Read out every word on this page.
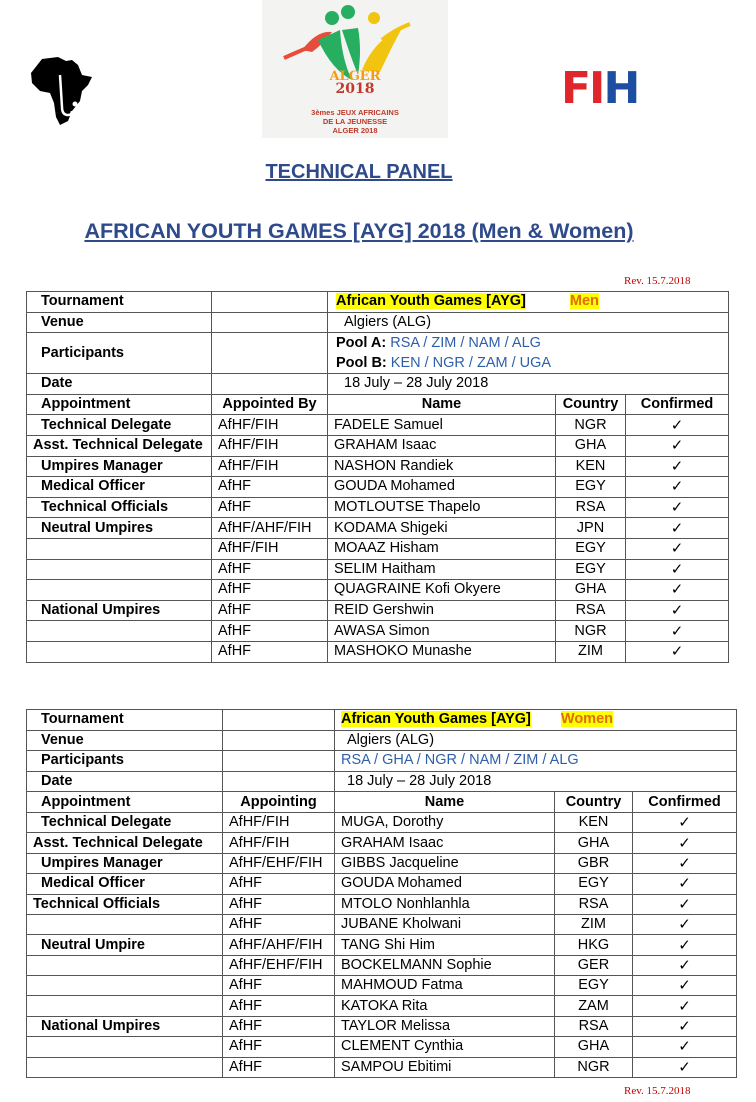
ALGER
2018
3èmes JEUX AFRICAINS
DE LA JEUNESSE
ALGER 2018
FIH
TECHNICAL PANEL
AFRICAN YOUTH GAMES [AYG] 2018 (Men & Women)
Rev. 15.7.2018
Tournament		African Youth Games [AYG] Men		
Venue		Algiers (ALG)		
Participants		Pool A: RSA / ZIM / NAM / ALG
Pool B: KEN / NGR / ZAM / UGA		

Date		18 July – 28 July 2018		
Appointment	Appointed By	Name	Country	Confirmed
Technical Delegate	AfHF/FIH	FADELE Samuel	NGR	✓
Asst. Technical Delegate	AfHF/FIH	GRAHAM Isaac	GHA	✓
Umpires Manager	AfHF/FIH	NASHON Randiek	KEN	✓
Medical Officer	AfHF	GOUDA Mohamed	EGY	✓
Technical Officials	AfHF	MOTLOUTSE Thapelo	RSA	✓
Neutral Umpires	AfHF/AHF/FIH	KODAMA Shigeki	JPN	✓
	AfHF/FIH	MOAAZ Hisham	EGY	✓
	AfHF	SELIM Haitham	EGY	✓
	AfHF	QUAGRAINE Kofi Okyere	GHA	✓
National Umpires	AfHF	REID Gershwin	RSA	✓
	AfHF	AWASA Simon	NGR	✓
	AfHF	MASHOKO Munashe	ZIM	✓
Tournament		African Youth Games [AYG] Women		
Venue		Algiers (ALG)		
Participants		RSA / GHA / NGR / NAM / ZIM / ALG		
Date		18 July – 28 July 2018		
Appointment	Appointing	Name	Country	Confirmed
Technical Delegate	AfHF/FIH	MUGA, Dorothy	KEN	✓
Asst. Technical Delegate	AfHF/FIH	GRAHAM Isaac	GHA	✓
Umpires Manager	AfHF/EHF/FIH	GIBBS Jacqueline	GBR	✓
Medical Officer	AfHF	GOUDA Mohamed	EGY	✓
Technical Officials	AfHF	MTOLO Nonhlanhla	RSA	✓
	AfHF	JUBANE Kholwani	ZIM	✓
Neutral Umpire	AfHF/AHF/FIH	TANG Shi Him	HKG	✓
	AfHF/EHF/FIH	BOCKELMANN Sophie	GER	✓
	AfHF	MAHMOUD Fatma	EGY	✓
	AfHF	KATOKA Rita	ZAM	✓
National Umpires	AfHF	TAYLOR Melissa	RSA	✓
	AfHF	CLEMENT Cynthia	GHA	✓
	AfHF	SAMPOU Ebitimi	NGR	✓
Rev. 15.7.2018
